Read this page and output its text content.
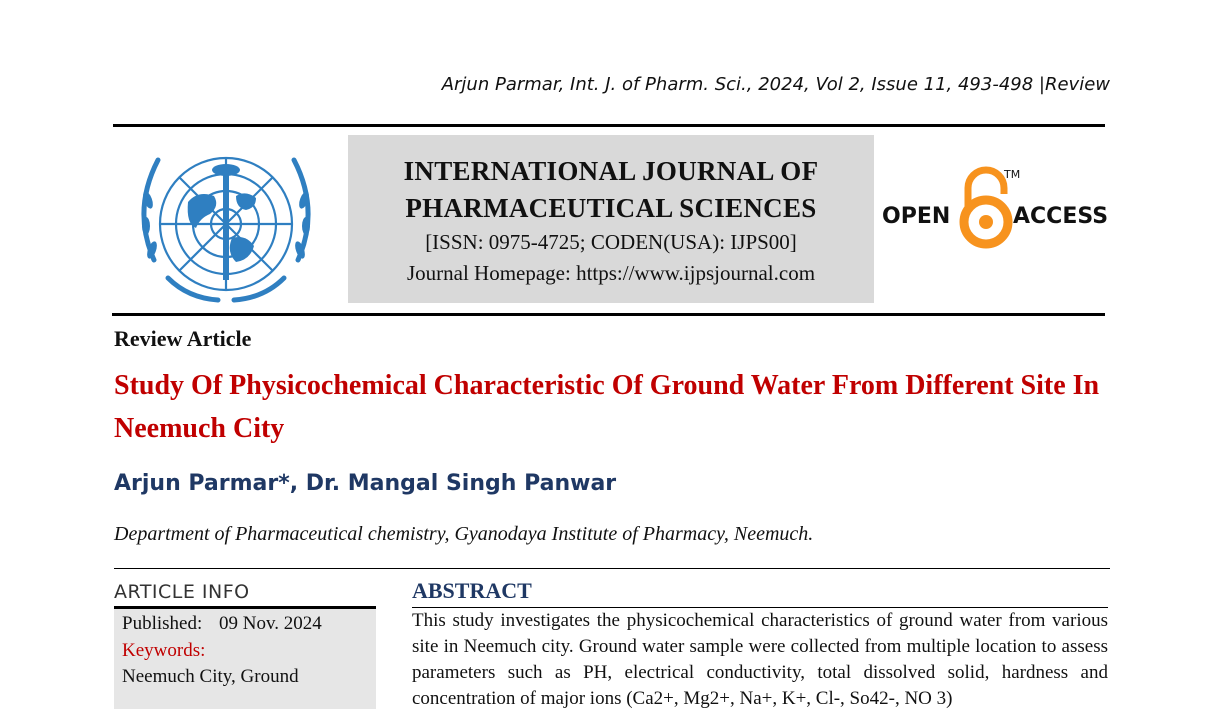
Arjun Parmar, Int. J. of Pharm. Sci., 2024, Vol 2, Issue 11, 493-498 |Review
INTERNATIONAL JOURNAL OF
PHARMACEUTICAL SCIENCES
[ISSN: 0975-4725; CODEN(USA): IJPS00]
Journal Homepage: https://www.ijpsjournal.com
OPEN
TM
ACCESS
Review Article
Study Of Physicochemical Characteristic Of Ground Water From Different Site In Neemuch City
Arjun Parmar*, Dr. Mangal Singh Panwar
Department of Pharmaceutical chemistry, Gyanodaya Institute of Pharmacy, Neemuch.
ARTICLE INFO
Published: 09 Nov. 2024
Keywords:
Neemuch City, Ground
ABSTRACT
This study investigates the physicochemical characteristics of ground water from various site in Neemuch city. Ground water sample were collected from multiple location to assess parameters such as PH, electrical conductivity, total dissolved solid, hardness and concentration of major ions (Ca2+, Mg2+, Na+, K+, Cl-, So42-, NO 3)
